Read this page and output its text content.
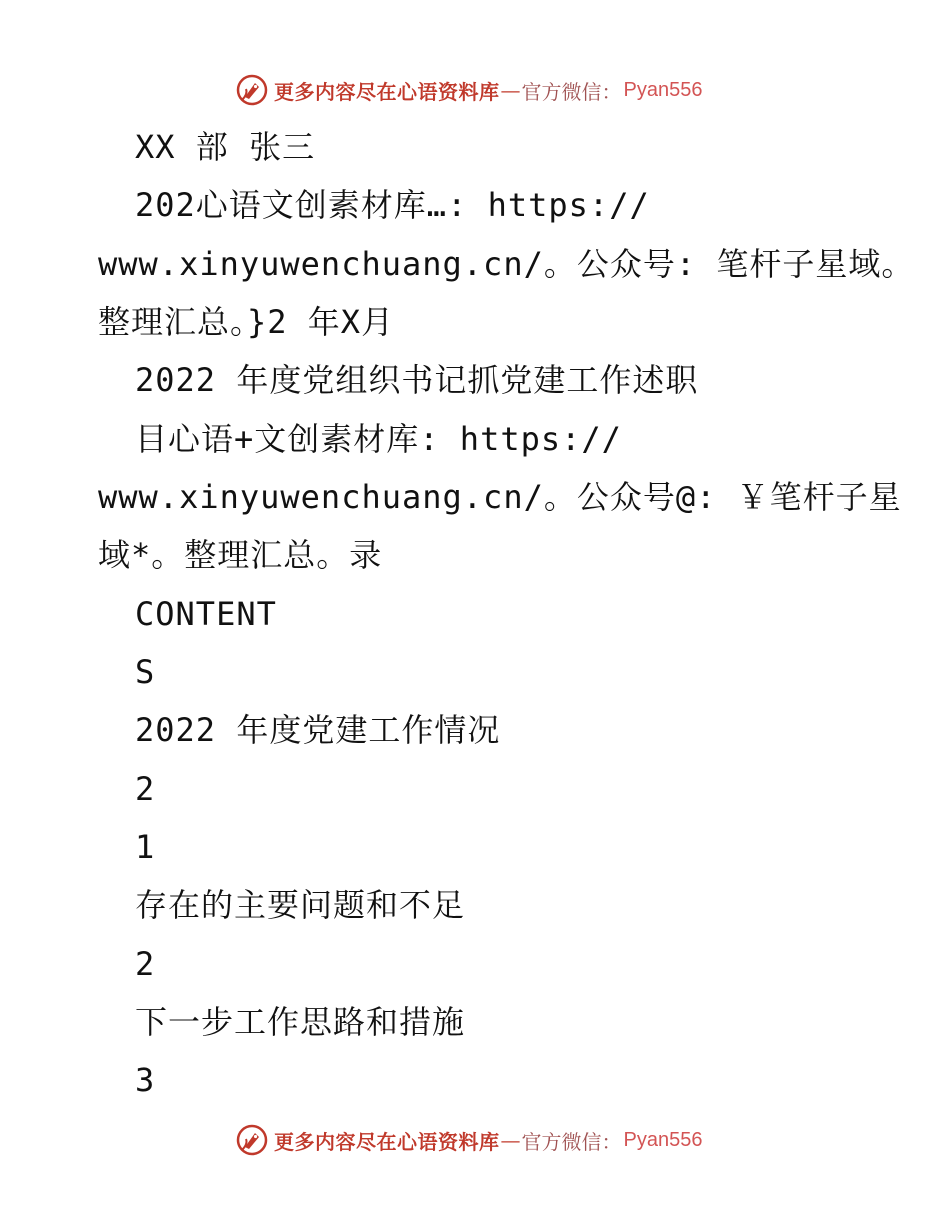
更多内容尽在心语资料库 — 官方微信： Pyan556
XX 部 张三
202心语文创素材库…: https://
www.xinyuwenchuang.cn/。公众号: 笔杆子星域。
整理汇总。}2 年X月
2022 年度党组织书记抓党建工作述职
目心语+文创素材库: https://
www.xinyuwenchuang.cn/。公众号@: ￥笔杆子星
域*。整理汇总。录
CONTENT
S
2022 年度党建工作情况
2
1
存在的主要问题和不足
2
下一步工作思路和措施
3
更多内容尽在心语资料库 — 官方微信： Pyan556
